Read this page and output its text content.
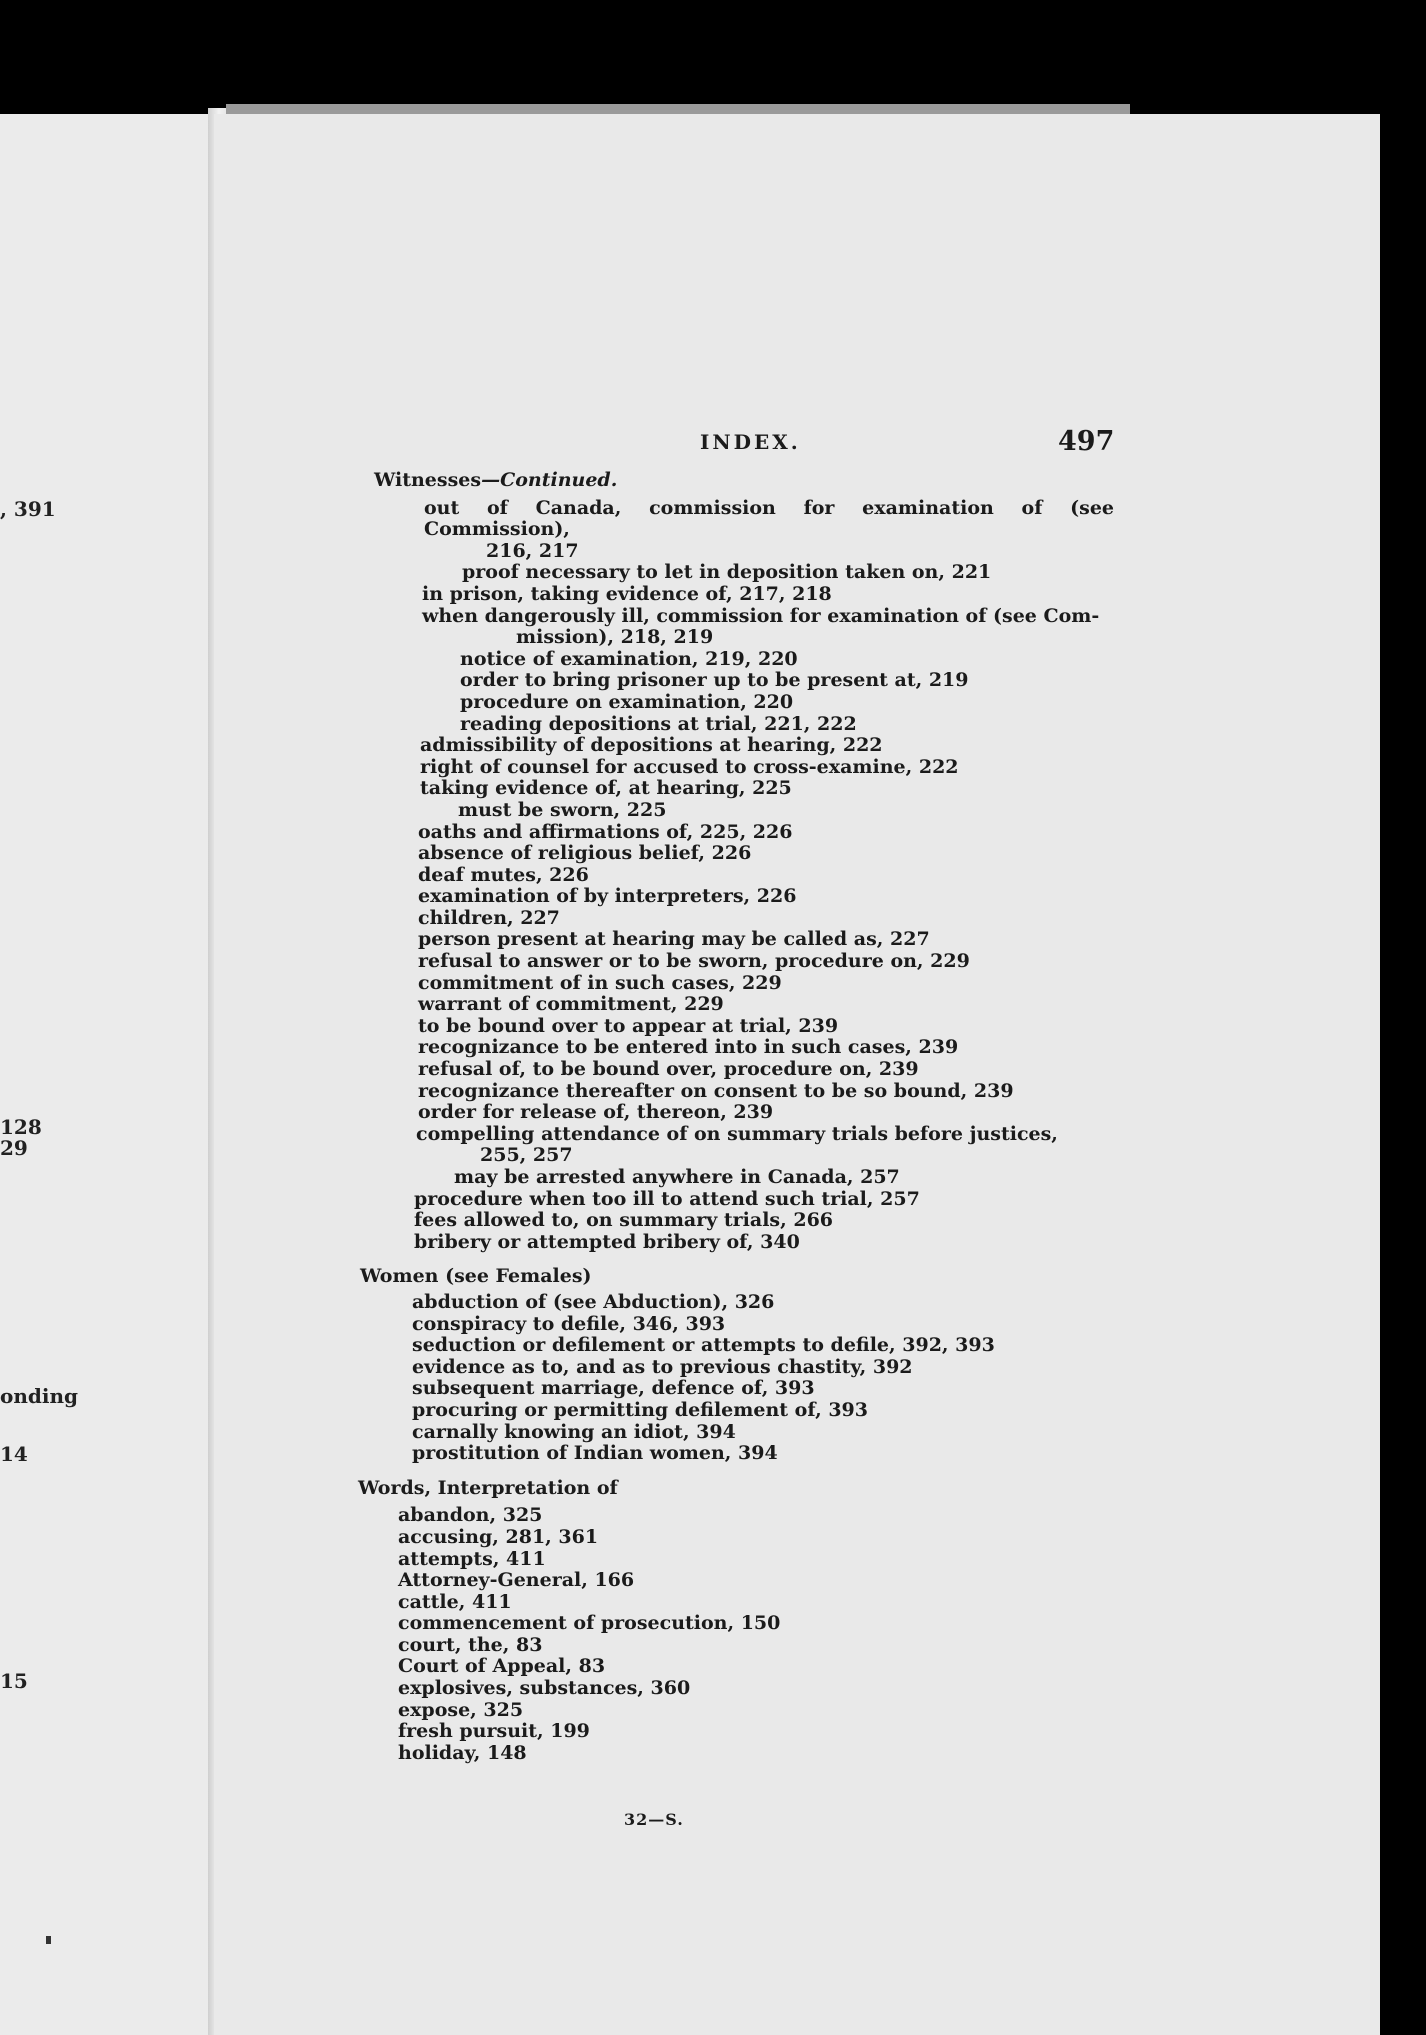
, 391
128
29
onding
14
15
INDEX.	497
Witnesses—Continued.
out of Canada, commission for examination of (see Commission),
216, 217
proof necessary to let in deposition taken on, 221
in prison, taking evidence of, 217, 218
when dangerously ill, commission for examination of (see Com-
mission), 218, 219
notice of examination, 219, 220
order to bring prisoner up to be present at, 219
procedure on examination, 220
reading depositions at trial, 221, 222
admissibility of depositions at hearing, 222
right of counsel for accused to cross-examine, 222
taking evidence of, at hearing, 225
must be sworn, 225
oaths and affirmations of, 225, 226
absence of religious belief, 226
deaf mutes, 226
examination of by interpreters, 226
children, 227
person present at hearing may be called as, 227
refusal to answer or to be sworn, procedure on, 229
commitment of in such cases, 229
warrant of commitment, 229
to be bound over to appear at trial, 239
recognizance to be entered into in such cases, 239
refusal of, to be bound over, procedure on, 239
recognizance thereafter on consent to be so bound, 239
order for release of, thereon, 239
compelling attendance of on summary trials before justices,
255, 257
may be arrested anywhere in Canada, 257
procedure when too ill to attend such trial, 257
fees allowed to, on summary trials, 266
bribery or attempted bribery of, 340
Women (see Females)
abduction of (see Abduction), 326
conspiracy to defile, 346, 393
seduction or defilement or attempts to defile, 392, 393
evidence as to, and as to previous chastity, 392
subsequent marriage, defence of, 393
procuring or permitting defilement of, 393
carnally knowing an idiot, 394
prostitution of Indian women, 394
Words, Interpretation of
abandon, 325
accusing, 281, 361
attempts, 411
Attorney-General, 166
cattle, 411
commencement of prosecution, 150
court, the, 83
Court of Appeal, 83
explosives, substances, 360
expose, 325
fresh pursuit, 199
holiday, 148
32—S.
